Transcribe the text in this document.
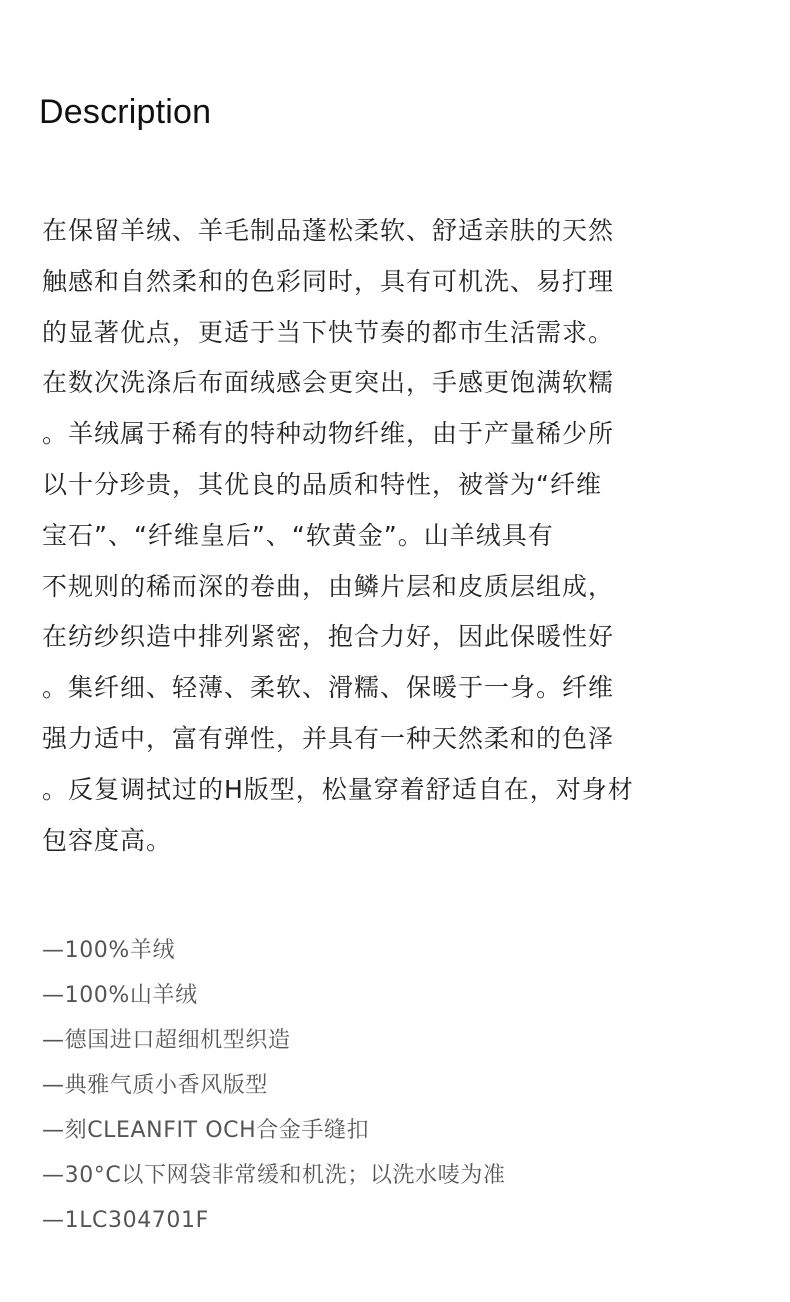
Description
在保留羊绒、羊毛制品蓬松柔软、舒适亲肤的天然
触感和自然柔和的色彩同时，具有可机洗、易打理
的显著优点，更适于当下快节奏的都市生活需求。
在数次洗涤后布面绒感会更突出，手感更饱满软糯
。羊绒属于稀有的特种动物纤维，由于产量稀少所
以十分珍贵，其优良的品质和特性，被誉为“纤维
宝石”、“纤维皇后”、“软黄金”。山羊绒具有
不规则的稀而深的卷曲，由鳞片层和皮质层组成，
在纺纱织造中排列紧密，抱合力好，因此保暖性好
。集纤细、轻薄、柔软、滑糯、保暖于一身。纤维
强力适中，富有弹性，并具有一种天然柔和的色泽
。反复调拭过的H版型，松量穿着舒适自在，对身材
包容度高。
—100%羊绒
—100%山羊绒
—德国进口超细机型织造
—典雅气质小香风版型
—刻CLEANFIT OCH合金手缝扣
—30°C以下网袋非常缓和机洗；以洗水唛为准
—1LC304701F
